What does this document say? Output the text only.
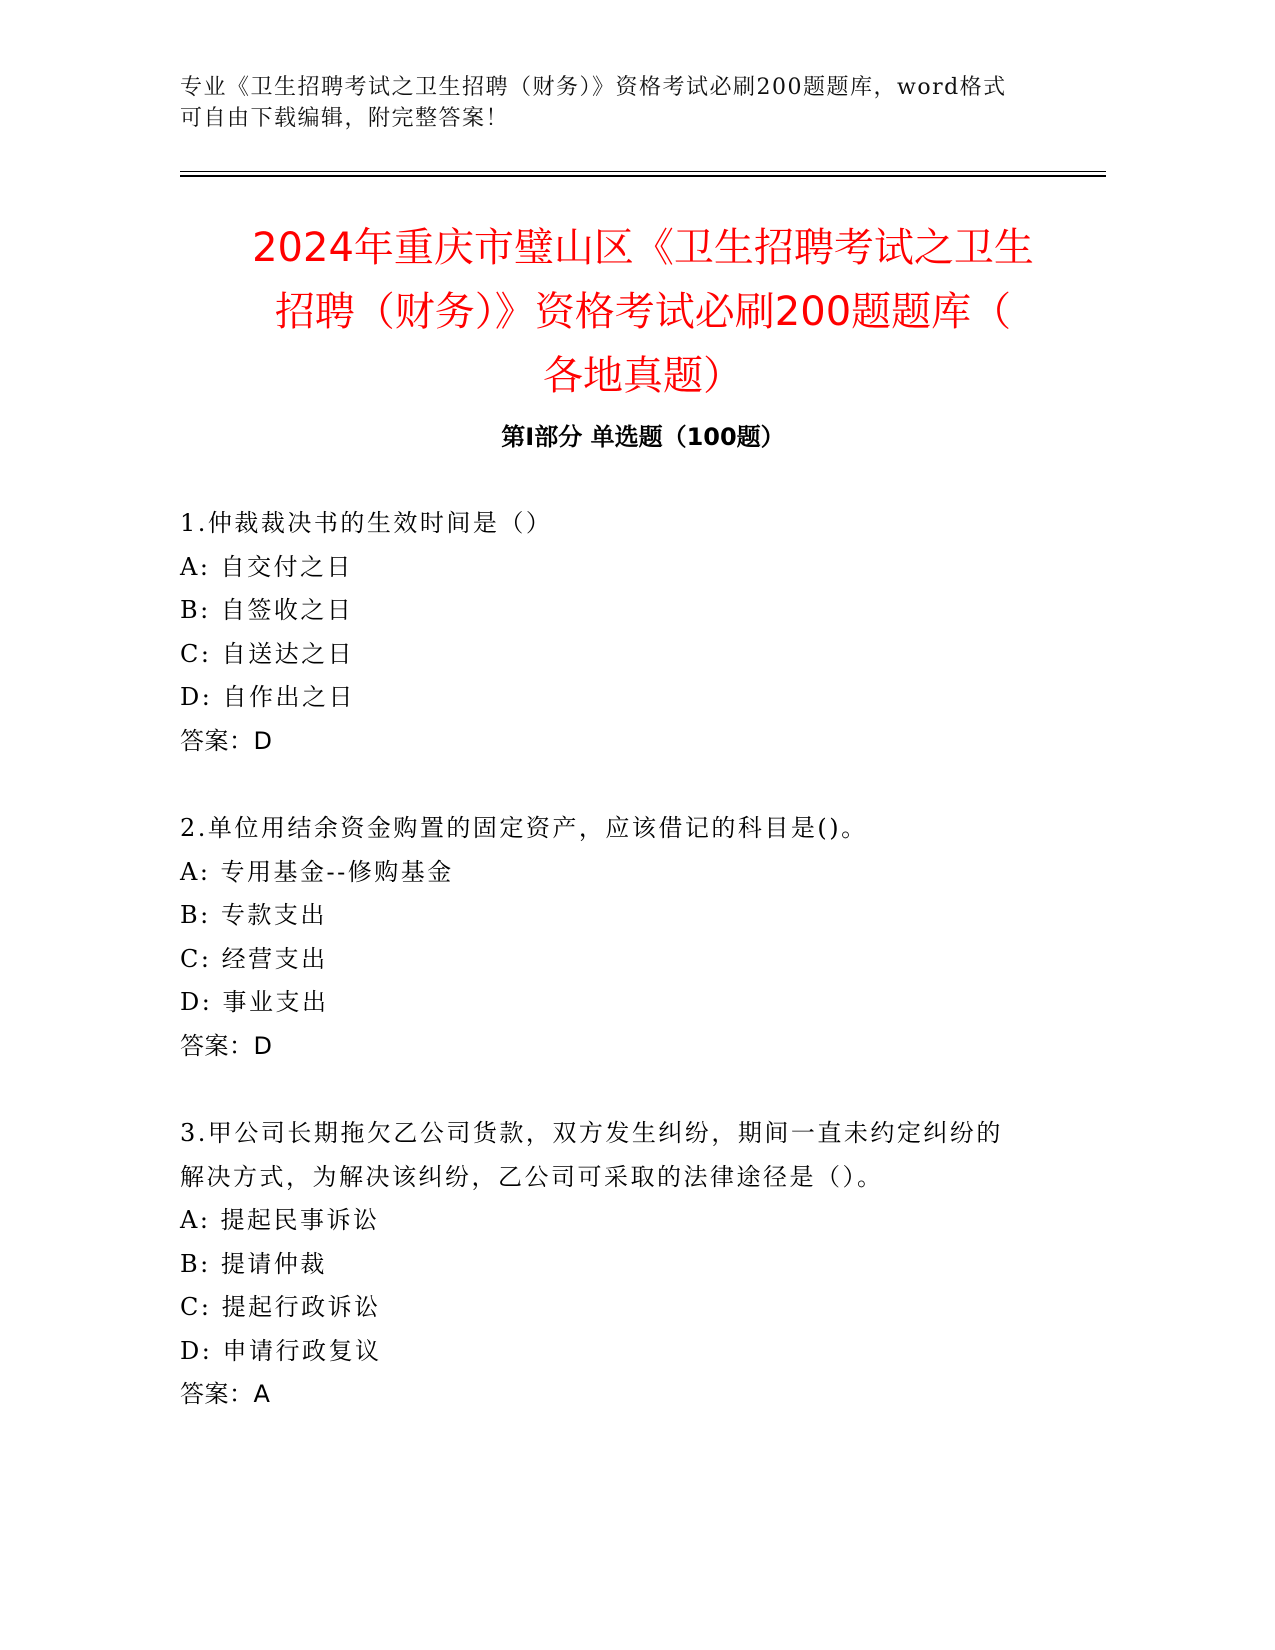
专业《卫生招聘考试之卫生招聘（财务）》资格考试必刷200题题库，word格式
可自由下载编辑，附完整答案！
2024年重庆市璧山区《卫生招聘考试之卫生
招聘（财务）》资格考试必刷200题题库（
各地真题）
第Ⅰ部分 单选题（100题）
1.仲裁裁决书的生效时间是（）
A: 自交付之日
B: 自签收之日
C: 自送达之日
D: 自作出之日
答案：D
2.单位用结余资金购置的固定资产，应该借记的科目是()。
A: 专用基金--修购基金
B: 专款支出
C: 经营支出
D: 事业支出
答案：D
3.甲公司长期拖欠乙公司货款，双方发生纠纷，期间一直未约定纠纷的解决方式，为解决该纠纷，乙公司可采取的法律途径是（）。
A: 提起民事诉讼
B: 提请仲裁
C: 提起行政诉讼
D: 申请行政复议
答案：A
